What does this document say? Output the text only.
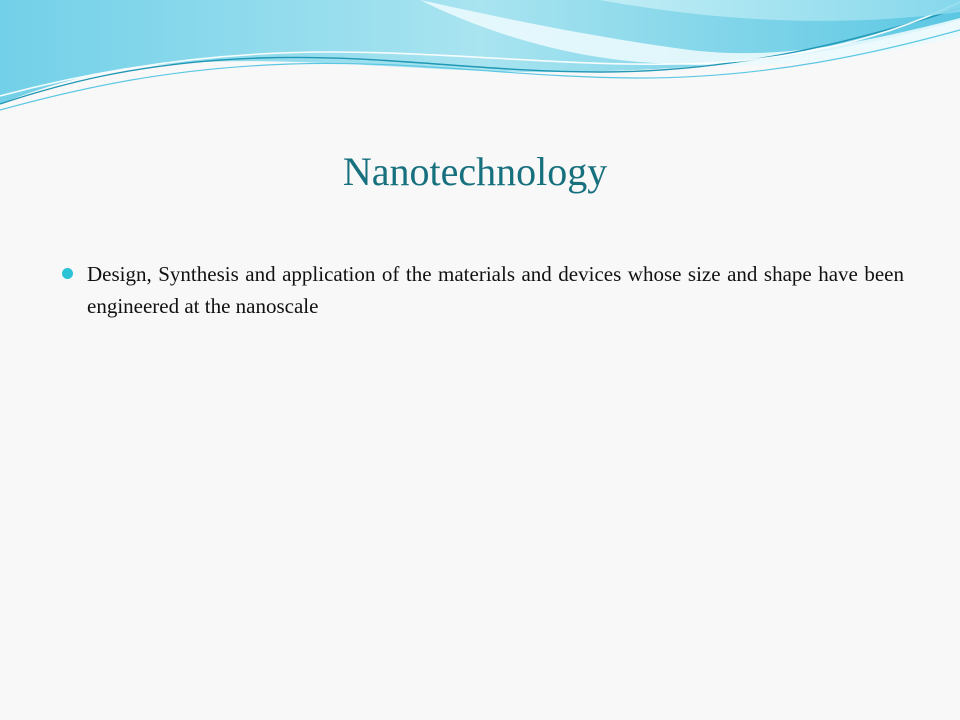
Nanotechnology
Design, Synthesis and application of the materials and devices whose size and shape have been engineered at the nanoscale
